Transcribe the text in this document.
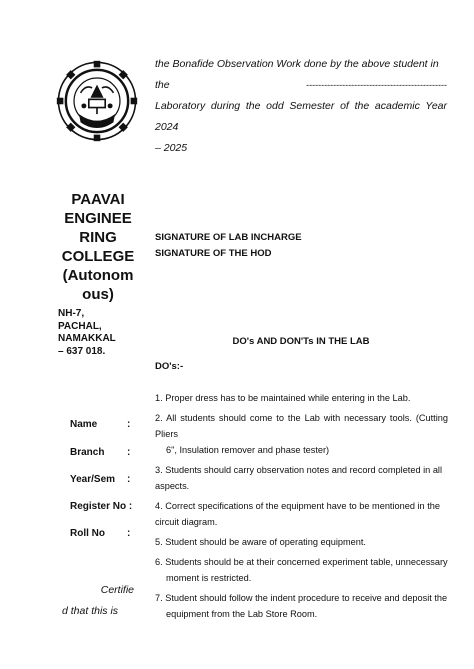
PAAVAI
ENGINEE
RING
COLLEGE
(Autonom
ous)
NH-7,
PACHAL,
NAMAKKAL
– 637 018.
Name	:
Branch :
Year/Sem :
Register No :
Roll No :
Certifie
d that this is
the Bonafide Observation Work done by the above student in
the	-----------------------------------------------
Laboratory during the odd Semester of the academic Year 2024
– 2025
SIGNATURE OF LAB INCHARGE
SIGNATURE OF THE HOD
DO's AND DON'Ts IN THE LAB
DO's:-
1. Proper dress has to be maintained while entering in the Lab.
2. All students should come to the Lab with necessary tools. (Cutting Pliers
6", Insulation remover and phase tester)
3. Students should carry observation notes and record completed in all
aspects.
4. Correct specifications of the equipment have to be mentioned in the
circuit diagram.
5. Student should be aware of operating equipment.
6. Students should be at their concerned experiment table, unnecessary
moment is restricted.
7. Student should follow the indent procedure to receive and deposit the
equipment from the Lab Store Room.
